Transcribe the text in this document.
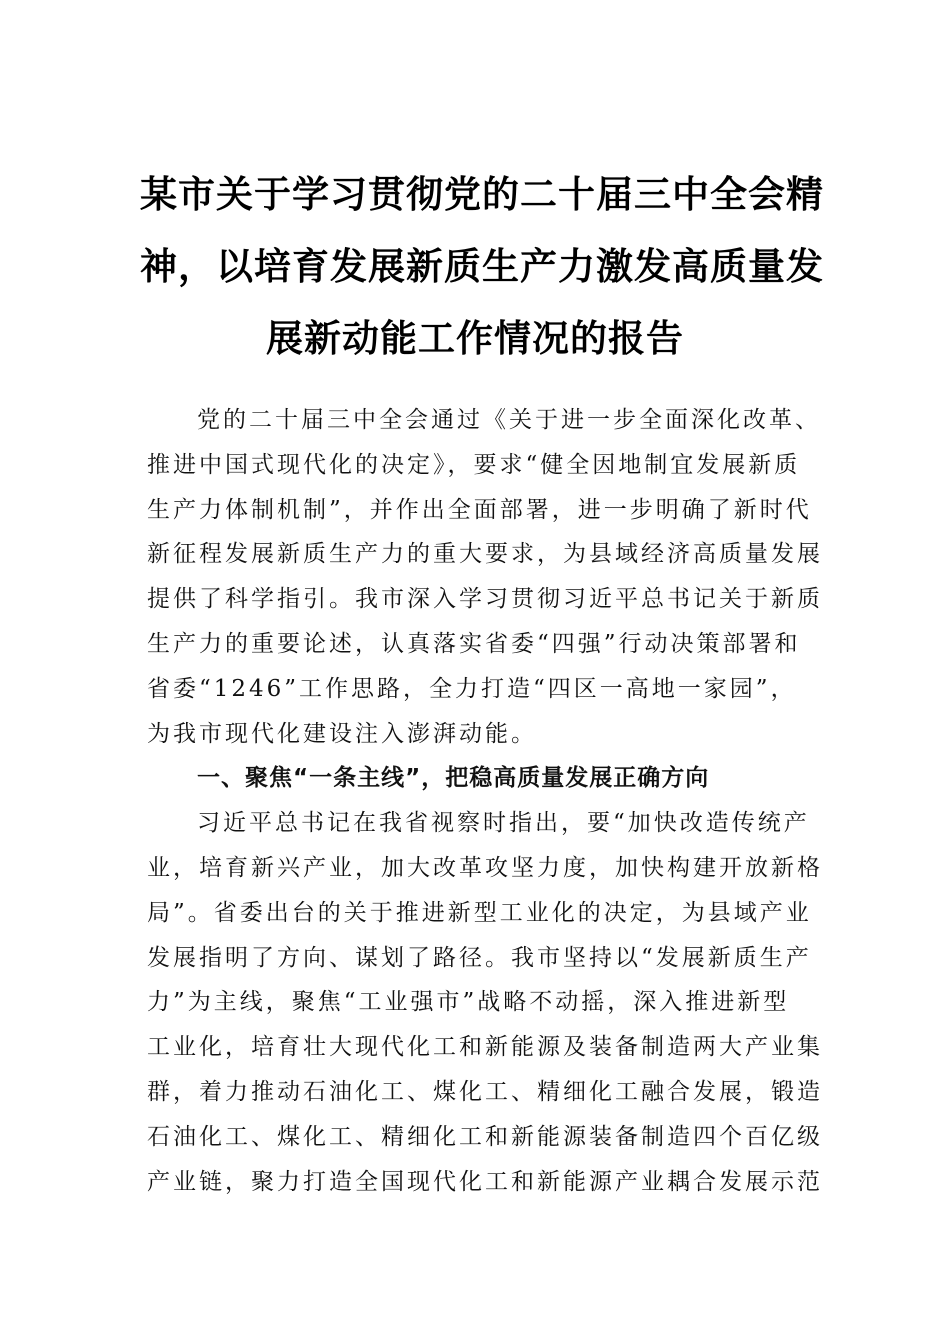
某市关于学习贯彻党的二十届三中全会精
神，以培育发展新质生产力激发高质量发
展新动能工作情况的报告
党的二十届三中全会通过《关于进一步全面深化改革、
推进中国式现代化的决定》，要求“健全因地制宜发展新质
生产力体制机制”，并作出全面部署，进一步明确了新时代
新征程发展新质生产力的重大要求，为县域经济高质量发展
提供了科学指引。我市深入学习贯彻习近平总书记关于新质
生产力的重要论述，认真落实省委“四强”行动决策部署和
省委“1246”工作思路，全力打造“四区一高地一家园”，
为我市现代化建设注入澎湃动能。
一、聚焦“一条主线”，把稳高质量发展正确方向
习近平总书记在我省视察时指出，要“加快改造传统产
业，培育新兴产业，加大改革攻坚力度，加快构建开放新格
局”。省委出台的关于推进新型工业化的决定，为县域产业
发展指明了方向、谋划了路径。我市坚持以“发展新质生产
力”为主线，聚焦“工业强市”战略不动摇，深入推进新型
工业化，培育壮大现代化工和新能源及装备制造两大产业集
群，着力推动石油化工、煤化工、精细化工融合发展，锻造
石油化工、煤化工、精细化工和新能源装备制造四个百亿级
产业链，聚力打造全国现代化工和新能源产业耦合发展示范
